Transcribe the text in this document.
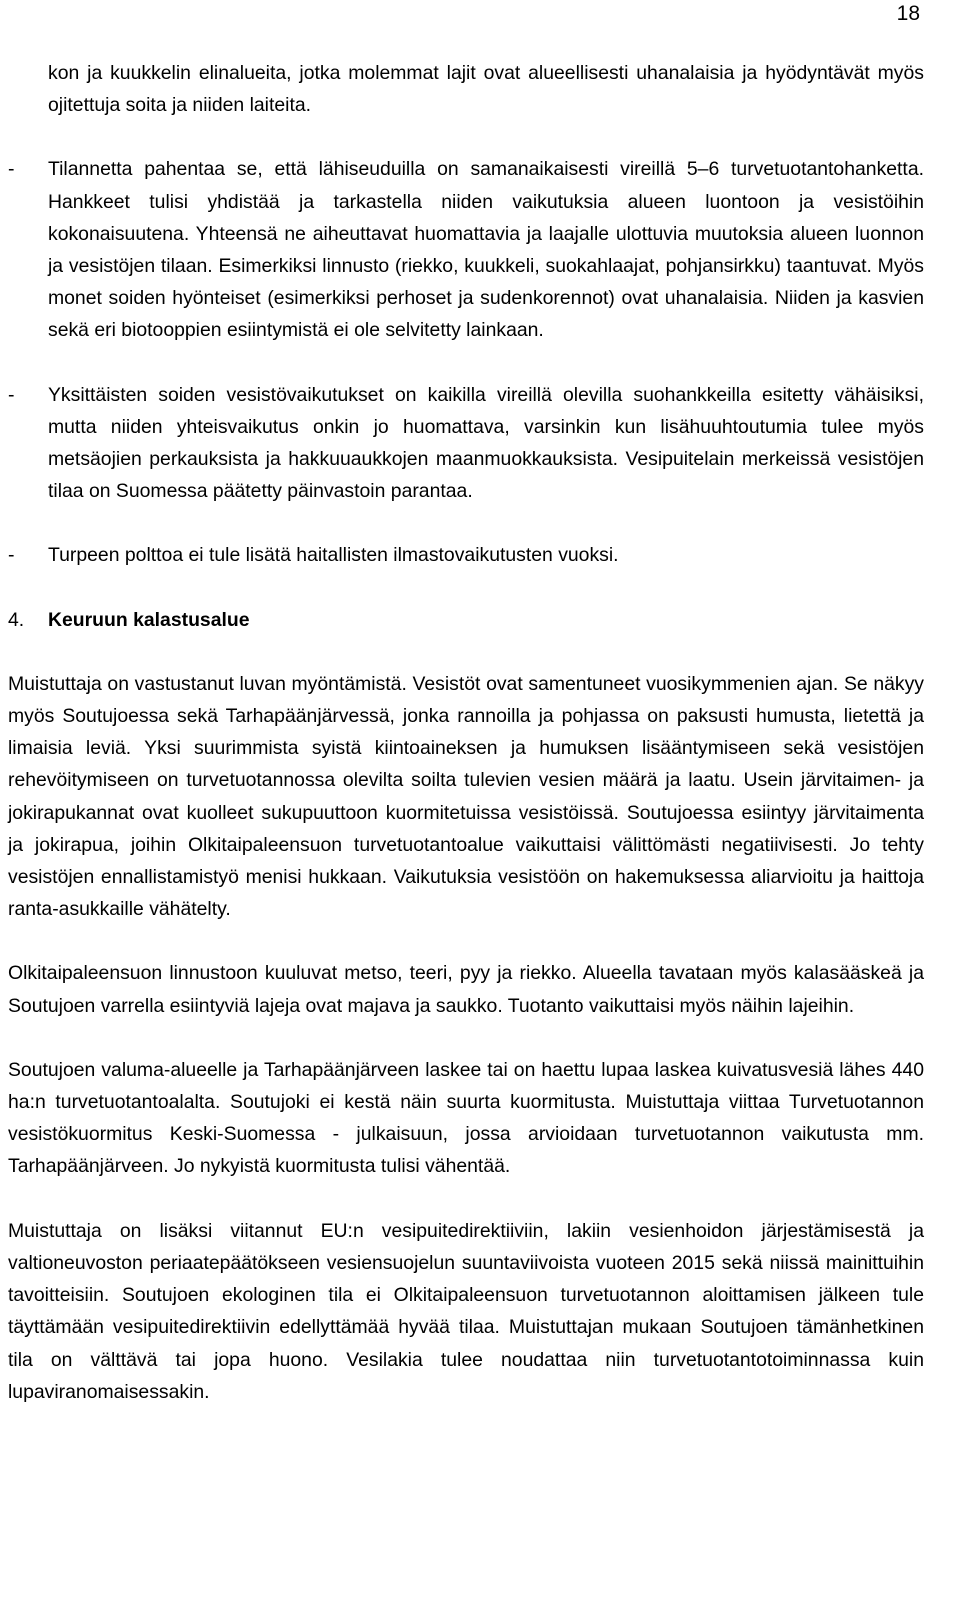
18

kon ja kuukkelin elinalueita, jotka molemmat lajit ovat alueellisesti uhanalaisia ja hyödyntävät myös ojitettuja soita ja niiden laiteita.

- Tilannetta pahentaa se, että lähiseuduilla on samanaikaisesti vireillä 5–6 turvetuotantohanketta. Hankkeet tulisi yhdistää ja tarkastella niiden vaikutuksia alueen luontoon ja vesistöihin kokonaisuutena. Yhteensä ne aiheuttavat huomattavia ja laajalle ulottuvia muutoksia alueen luonnon ja vesistöjen tilaan. Esimerkiksi linnusto (riekko, kuukkeli, suokahlaajat, pohjansirkku) taantuvat. Myös monet soiden hyönteiset (esimerkiksi perhoset ja sudenkorennot) ovat uhanalaisia. Niiden ja kasvien sekä eri biotooppien esiintymistä ei ole selvitetty lainkaan.

- Yksittäisten soiden vesistövaikutukset on kaikilla vireillä olevilla suohankkeilla esitetty vähäisiksi, mutta niiden yhteisvaikutus onkin jo huomattava, varsinkin kun lisähuuhtoutumia tulee myös metsäojien perkauksista ja hakkuuaukkojen maanmuokkauksista. Vesipuitelain merkeissä vesistöjen tilaa on Suomessa päätetty päinvastoin parantaa.

- Turpeen polttoa ei tule lisätä haitallisten ilmastovaikutusten vuoksi.

4.	Keuruun kalastusalue

Muistuttaja on vastustanut luvan myöntämistä. Vesistöt ovat samentuneet vuosikymmenien ajan. Se näkyy myös Soutujoessa sekä Tarhapäänjärvessä, jonka rannoilla ja pohjassa on paksusti humusta, lietettä ja limaisia leviä. Yksi suurimmista syistä kiintoaineksen ja humuksen lisääntymiseen sekä vesistöjen rehevöitymiseen on turvetuotannossa olevilta soilta tulevien vesien määrä ja laatu. Usein järvitaimen- ja jokirapukannat ovat kuolleet sukupuuttoon kuormitetuissa vesistöissä. Soutujoessa esiintyy järvitaimenta ja jokirapua, joihin Olkitaipaleensuon turvetuotantoalue vaikuttaisi välittömästi negatiivisesti. Jo tehty vesistöjen ennallistamistyö menisi hukkaan. Vaikutuksia vesistöön on hakemuksessa aliarvioitu ja haittoja ranta-asukkaille vähätelty.

Olkitaipaleensuon linnustoon kuuluvat metso, teeri, pyy ja riekko. Alueella tavataan myös kalasääskeä ja Soutujoen varrella esiintyviä lajeja ovat majava ja saukko. Tuotanto vaikuttaisi myös näihin lajeihin.

Soutujoen valuma-alueelle ja Tarhapäänjärveen laskee tai on haettu lupaa laskea kuivatusvesiä lähes 440 ha:n turvetuotantoalalta. Soutujoki ei kestä näin suurta kuormitusta. Muistuttaja viittaa Turvetuotannon vesistökuormitus Keski-Suomessa - julkaisuun, jossa arvioidaan turvetuotannon vaikutusta mm. Tarhapäänjärveen. Jo nykyistä kuormitusta tulisi vähentää.

Muistuttaja on lisäksi viitannut EU:n vesipuitedirektiiviin, lakiin vesienhoidon järjestämisestä ja valtioneuvoston periaatepäätökseen vesiensuojelun suuntaviivoista vuoteen 2015 sekä niissä mainittuihin tavoitteisiin. Soutujoen ekologinen tila ei Olkitaipaleensuon turvetuotannon aloittamisen jälkeen tule täyttämään vesipuitedirektiivin edellyttämää hyvää tilaa. Muistuttajan mukaan Soutujoen tämänhetkinen tila on välttävä tai jopa huono. Vesilakia tulee noudattaa niin turvetuotantotoiminnassa kuin lupaviranomaisessakin.
